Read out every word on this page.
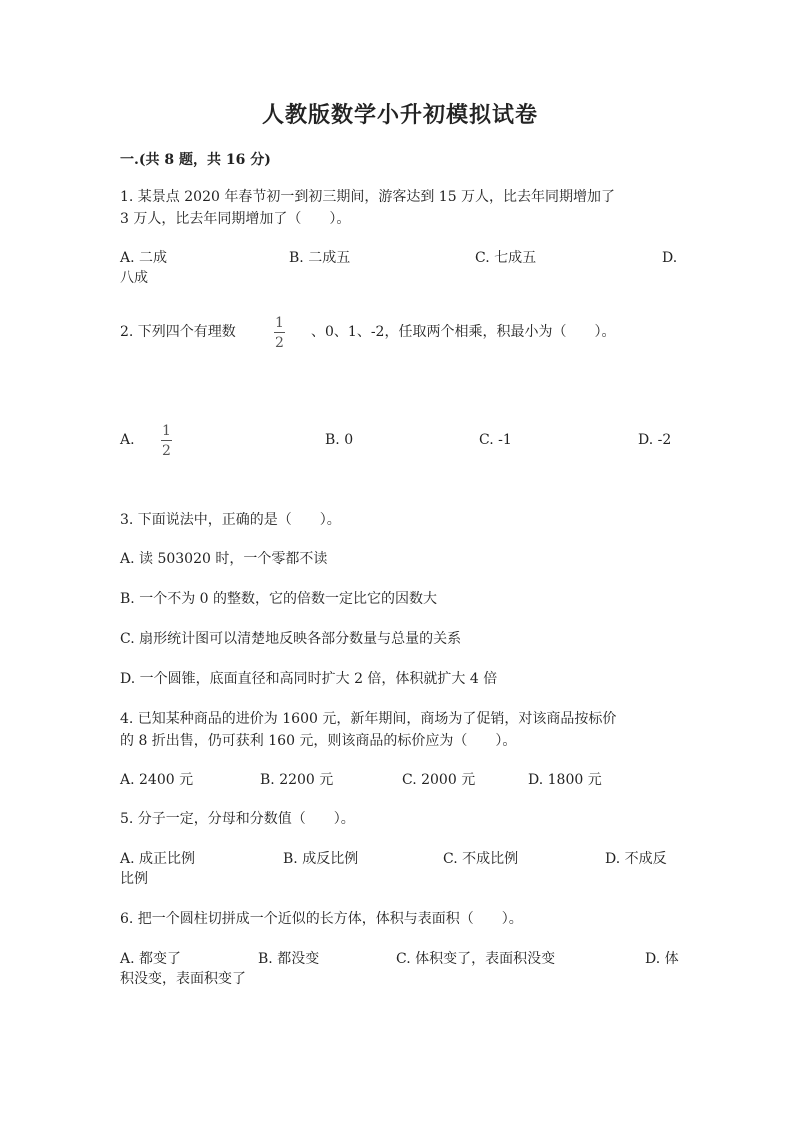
人教版数学小升初模拟试卷
一.(共 8 题，共 16 分)
1. 某景点 2020 年春节初一到初三期间，游客达到 15 万人，比去年同期增加了
3 万人，比去年同期增加了（　　）。
A. 二成	B. 二成五	C. 七成五	D.
八成
2. 下列四个有理数
1
2
、0、1、-2，任取两个相乘，积最小为（　　）。
A.
1
2
B. 0	C. -1	D. -2
3. 下面说法中，正确的是（　　）。
A. 读 503020 时，一个零都不读
B. 一个不为 0 的整数，它的倍数一定比它的因数大
C. 扇形统计图可以清楚地反映各部分数量与总量的关系
D. 一个圆锥，底面直径和高同时扩大 2 倍，体积就扩大 4 倍
4. 已知某种商品的进价为 1600 元，新年期间，商场为了促销，对该商品按标价
的 8 折出售，仍可获利 160 元，则该商品的标价应为（　　）。
A. 2400 元	B. 2200 元	C. 2000 元	D. 1800 元
5. 分子一定，分母和分数值（　　）。
A. 成正比例	B. 成反比例	C. 不成比例	D. 不成反
比例
6. 把一个圆柱切拼成一个近似的长方体，体积与表面积（　　）。
A. 都变了	B. 都没变	C. 体积变了，表面积没变	D. 体
积没变，表面积变了
